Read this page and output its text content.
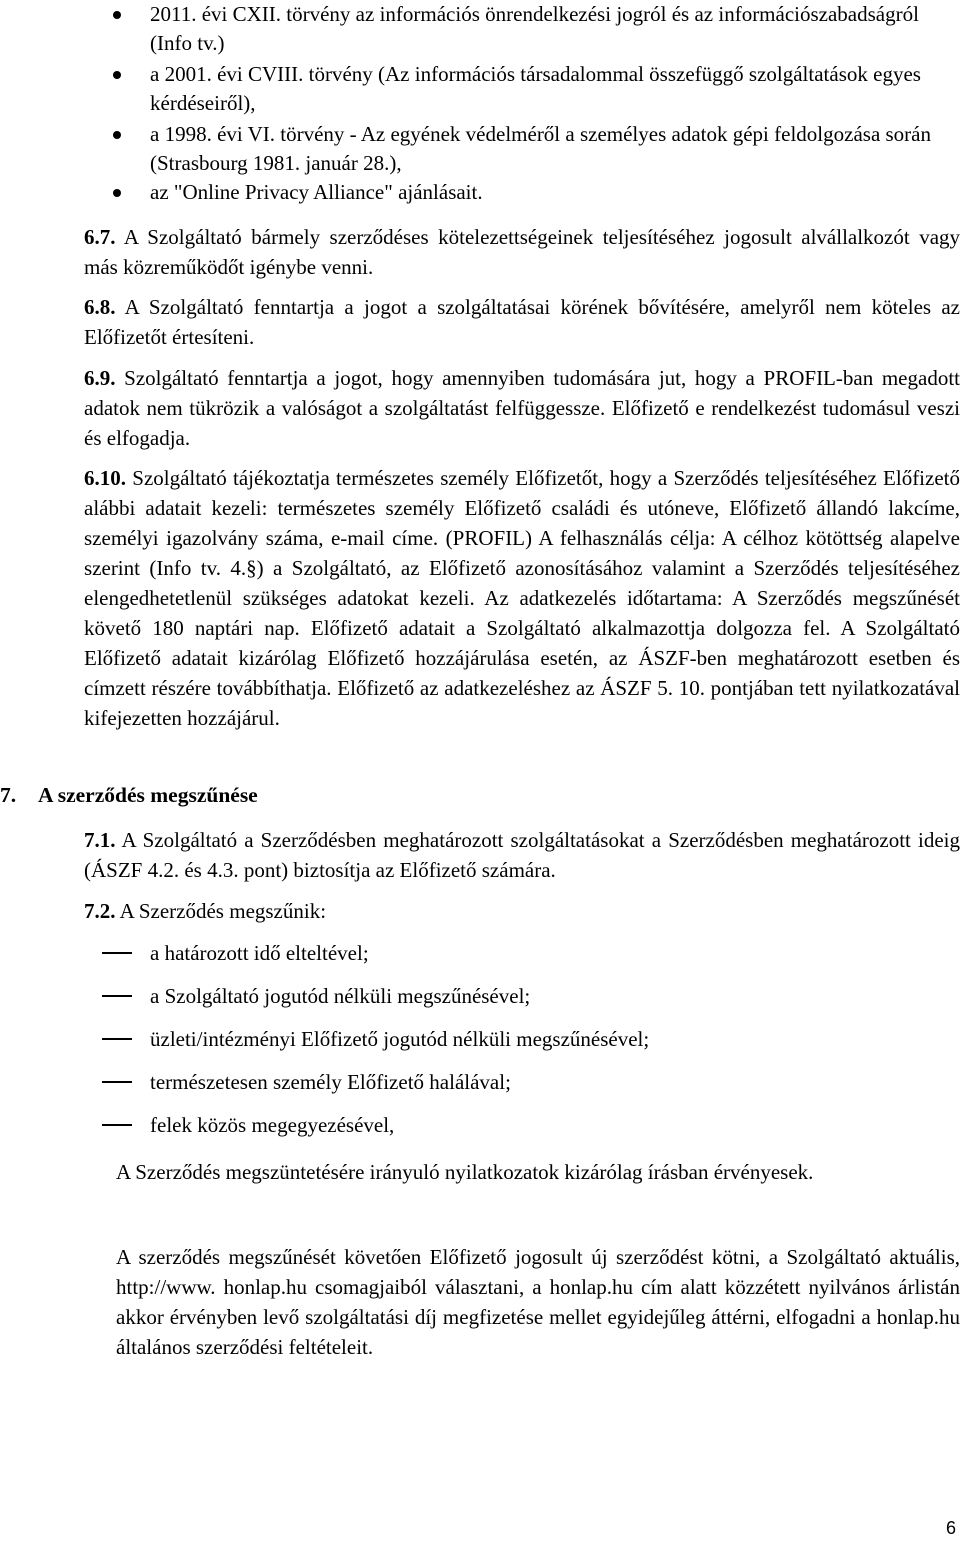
2011. évi CXII. törvény az információs önrendelkezési jogról és az információszabadságról (Info tv.)
a 2001. évi CVIII. törvény (Az információs társadalommal összefüggő szolgáltatások egyes kérdéseiről),
a 1998. évi VI. törvény - Az egyének védelméről a személyes adatok gépi feldolgozása során (Strasbourg 1981. január 28.),
az "Online Privacy Alliance" ajánlásait.
6.7. A Szolgáltató bármely szerződéses kötelezettségeinek teljesítéséhez jogosult alvállalkozót vagy más közreműködőt igénybe venni.
6.8. A Szolgáltató fenntartja a jogot a szolgáltatásai körének bővítésére, amelyről nem köteles az Előfizetőt értesíteni.
6.9. Szolgáltató fenntartja a jogot, hogy amennyiben tudomására jut, hogy a PROFIL-ban megadott adatok nem tükrözik a valóságot a szolgáltatást felfüggessze. Előfizető e rendelkezést tudomásul veszi és elfogadja.
6.10. Szolgáltató tájékoztatja természetes személy Előfizetőt, hogy a Szerződés teljesítéséhez Előfizető alábbi adatait kezeli: természetes személy Előfizető családi és utóneve, Előfizető állandó lakcíme, személyi igazolvány száma, e-mail címe. (PROFIL) A felhasználás célja: A célhoz kötöttség alapelve szerint (Info tv. 4.§) a Szolgáltató, az Előfizető azonosításához valamint a Szerződés teljesítéséhez elengedhetetlenül szükséges adatokat kezeli. Az adatkezelés időtartama: A Szerződés megszűnését követő 180 naptári nap. Előfizető adatait a Szolgáltató alkalmazottja dolgozza fel. A Szolgáltató Előfizető adatait kizárólag Előfizető hozzájárulása esetén, az ÁSZF-ben meghatározott esetben és címzett részére továbbíthatja. Előfizető az adatkezeléshez az ÁSZF 5. 10. pontjában tett nyilatkozatával kifejezetten hozzájárul.
7. A szerződés megszűnése
7.1. A Szolgáltató a Szerződésben meghatározott szolgáltatásokat a Szerződésben meghatározott ideig (ÁSZF 4.2. és 4.3. pont) biztosítja az Előfizető számára.
7.2. A Szerződés megszűnik:
a határozott idő elteltével;
a Szolgáltató jogutód nélküli megszűnésével;
üzleti/intézményi Előfizető jogutód nélküli megszűnésével;
természetesen személy Előfizető halálával;
felek közös megegyezésével,
A Szerződés megszüntetésére irányuló nyilatkozatok kizárólag írásban érvényesek.
A szerződés megszűnését követően Előfizető jogosult új szerződést kötni, a Szolgáltató aktuális, http://www. honlap.hu csomagjaiból választani, a honlap.hu cím alatt közzétett nyilvános árlistán akkor érvényben levő szolgáltatási díj megfizetése mellet egyidejűleg áttérni, elfogadni a honlap.hu általános szerződési feltételeit.
6
